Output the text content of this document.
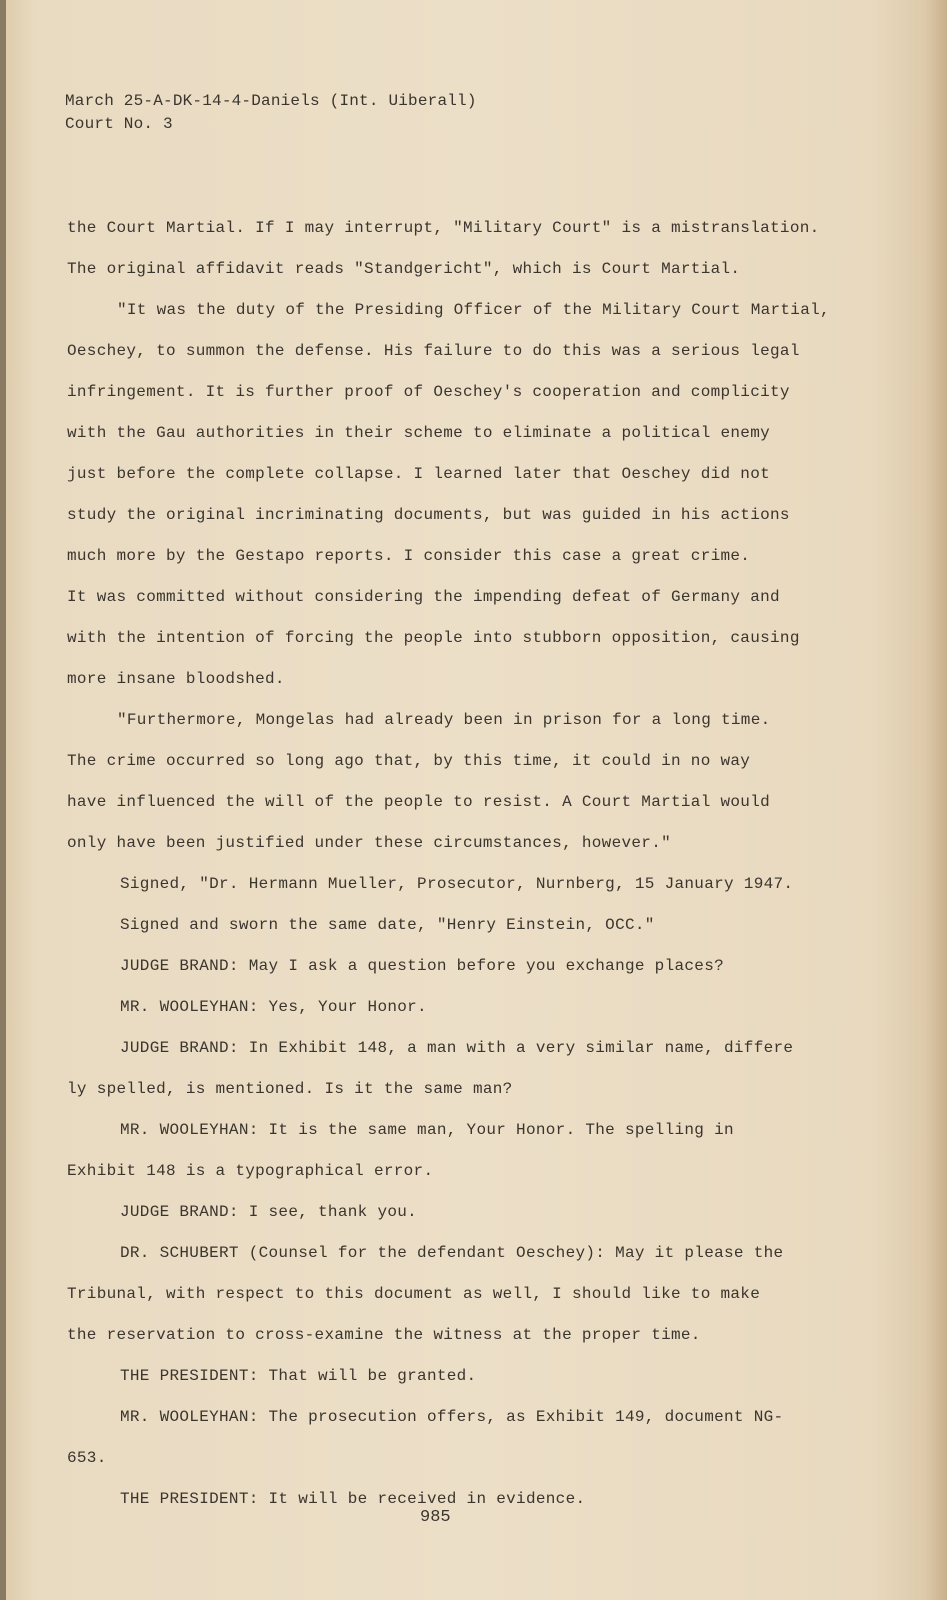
March 25-A-DK-14-4-Daniels (Int. Uiberall)
Court No. 3
the Court Martial. If I may interrupt, "Military Court" is a mistranslation.
The original affidavit reads "Standgericht", which is Court Martial.
"It was the duty of the Presiding Officer of the Military Court Martial,
Oeschey, to summon the defense. His failure to do this was a serious legal
infringement. It is further proof of Oeschey's cooperation and complicity
with the Gau authorities in their scheme to eliminate a political enemy
just before the complete collapse. I learned later that Oeschey did not
study the original incriminating documents, but was guided in his actions
much more by the Gestapo reports. I consider this case a great crime.
It was committed without considering the impending defeat of Germany and
with the intention of forcing the people into stubborn opposition, causing
more insane bloodshed.
"Furthermore, Mongelas had already been in prison for a long time.
The crime occurred so long ago that, by this time, it could in no way
have influenced the will of the people to resist. A Court Martial would
only have been justified under these circumstances, however."
Signed, "Dr. Hermann Mueller, Prosecutor, Nurnberg, 15 January 1947.
Signed and sworn the same date, "Henry Einstein, OCC."
JUDGE BRAND: May I ask a question before you exchange places?
MR. WOOLEYHAN: Yes, Your Honor.
JUDGE BRAND: In Exhibit 148, a man with a very similar name, differe
ly spelled, is mentioned. Is it the same man?
MR. WOOLEYHAN: It is the same man, Your Honor. The spelling in
Exhibit 148 is a typographical error.
JUDGE BRAND: I see, thank you.
DR. SCHUBERT (Counsel for the defendant Oeschey): May it please the
Tribunal, with respect to this document as well, I should like to make
the reservation to cross-examine the witness at the proper time.
THE PRESIDENT: That will be granted.
MR. WOOLEYHAN: The prosecution offers, as Exhibit 149, document NG-
653.
THE PRESIDENT: It will be received in evidence.
985
